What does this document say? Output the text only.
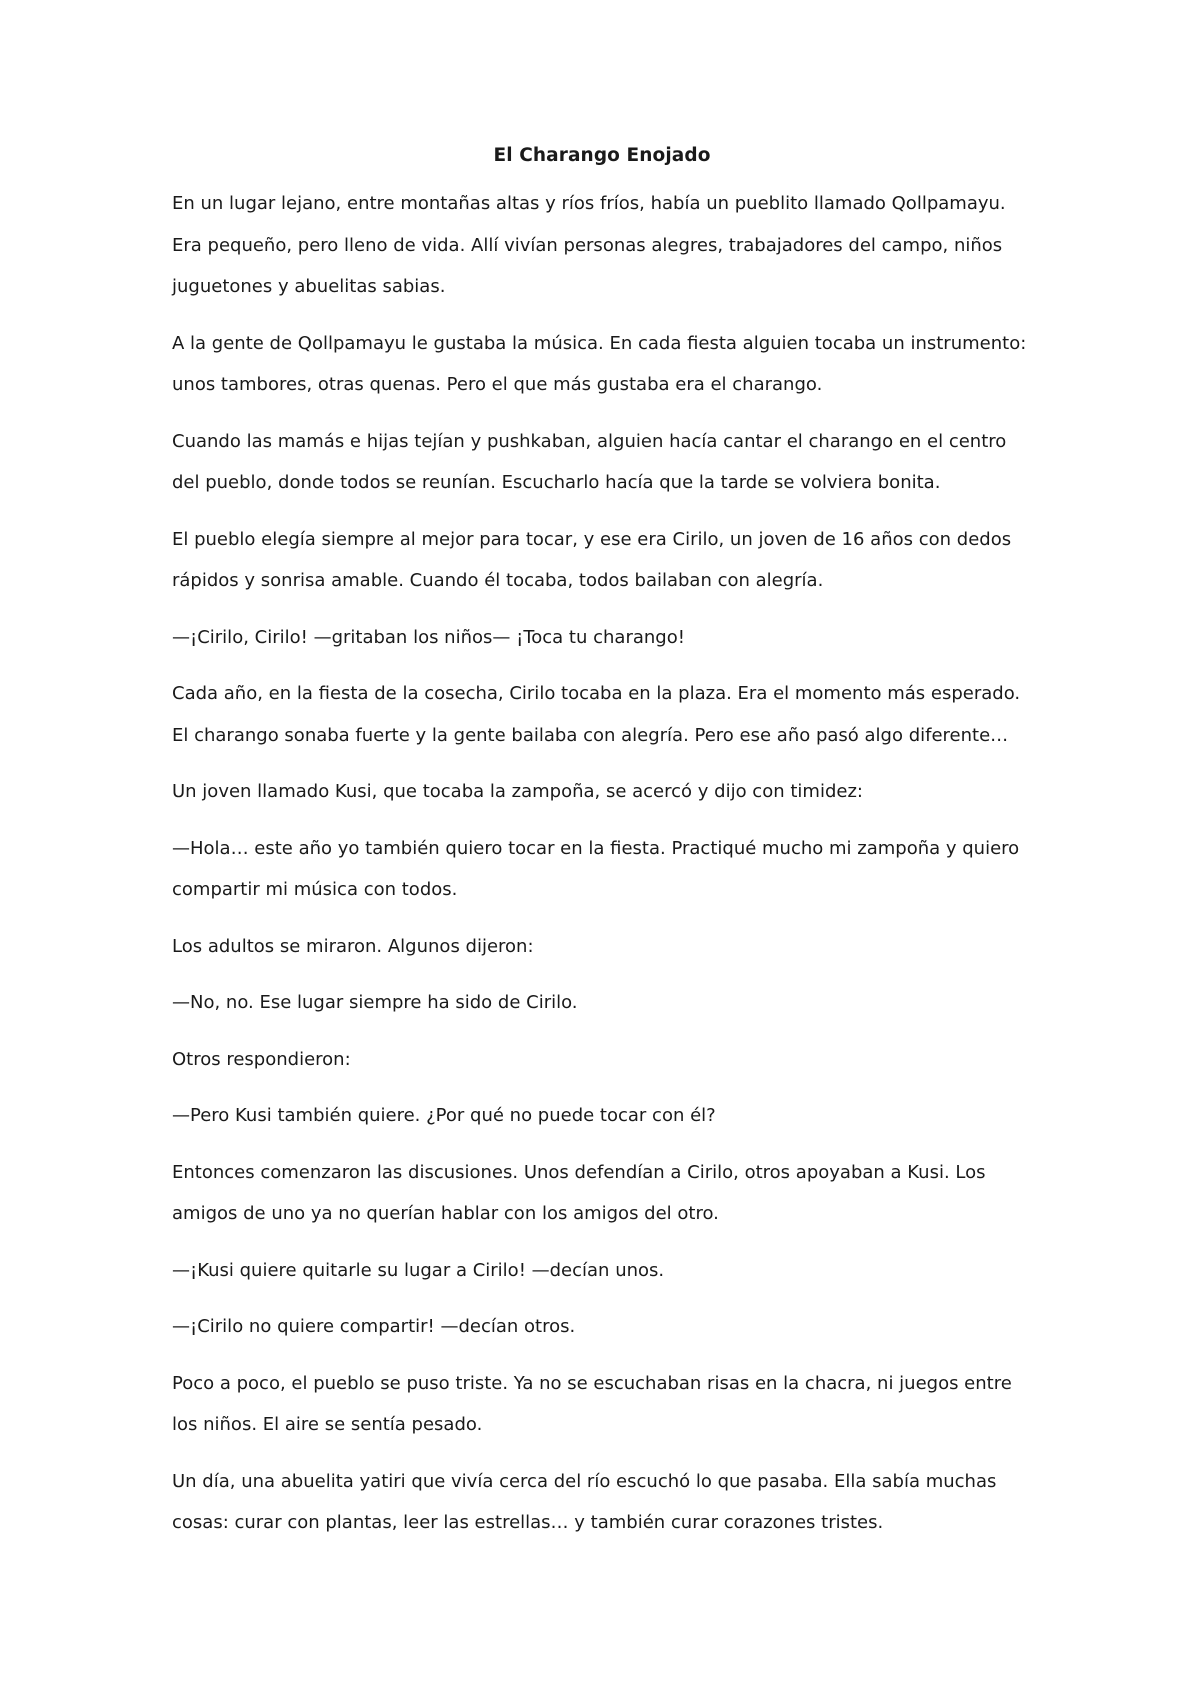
El Charango Enojado

En un lugar lejano, entre montañas altas y ríos fríos, había un pueblito llamado Qollpamayu. Era pequeño, pero lleno de vida. Allí vivían personas alegres, trabajadores del campo, niños juguetones y abuelitas sabias.

A la gente de Qollpamayu le gustaba la música. En cada fiesta alguien tocaba un instrumento: unos tambores, otras quenas. Pero el que más gustaba era el charango.

Cuando las mamás e hijas tejían y pushkaban, alguien hacía cantar el charango en el centro del pueblo, donde todos se reunían. Escucharlo hacía que la tarde se volviera bonita.

El pueblo elegía siempre al mejor para tocar, y ese era Cirilo, un joven de 16 años con dedos rápidos y sonrisa amable. Cuando él tocaba, todos bailaban con alegría.

—¡Cirilo, Cirilo! —gritaban los niños— ¡Toca tu charango!

Cada año, en la fiesta de la cosecha, Cirilo tocaba en la plaza. Era el momento más esperado. El charango sonaba fuerte y la gente bailaba con alegría. Pero ese año pasó algo diferente…

Un joven llamado Kusi, que tocaba la zampoña, se acercó y dijo con timidez:

—Hola… este año yo también quiero tocar en la fiesta. Practiqué mucho mi zampoña y quiero compartir mi música con todos.

Los adultos se miraron. Algunos dijeron:

—No, no. Ese lugar siempre ha sido de Cirilo.

Otros respondieron:

—Pero Kusi también quiere. ¿Por qué no puede tocar con él?

Entonces comenzaron las discusiones. Unos defendían a Cirilo, otros apoyaban a Kusi. Los amigos de uno ya no querían hablar con los amigos del otro.

—¡Kusi quiere quitarle su lugar a Cirilo! —decían unos.

—¡Cirilo no quiere compartir! —decían otros.

Poco a poco, el pueblo se puso triste. Ya no se escuchaban risas en la chacra, ni juegos entre los niños. El aire se sentía pesado.

Un día, una abuelita yatiri que vivía cerca del río escuchó lo que pasaba. Ella sabía muchas cosas: curar con plantas, leer las estrellas… y también curar corazones tristes.
